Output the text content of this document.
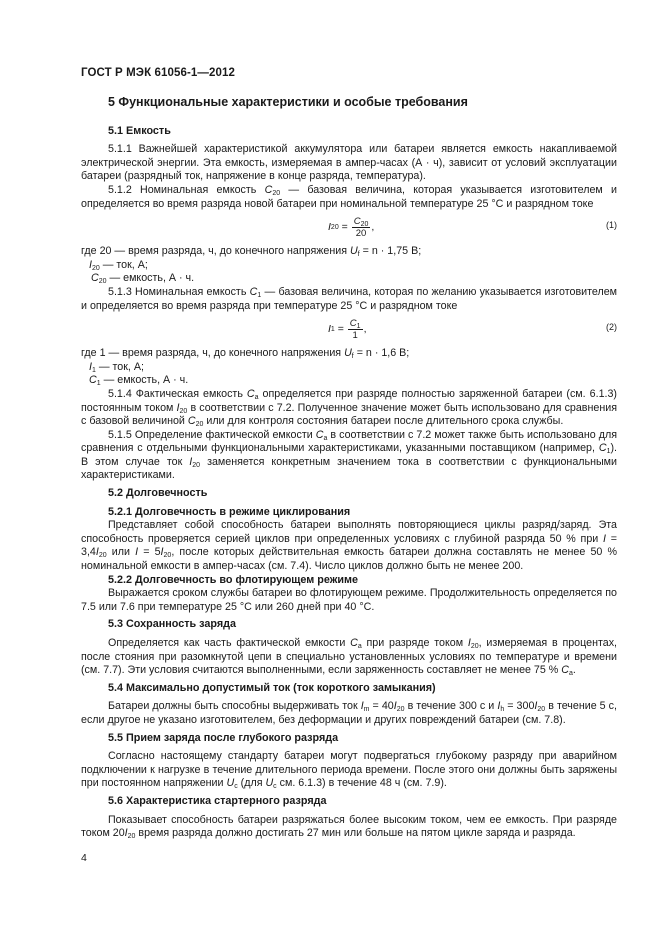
ГОСТ Р МЭК 61056-1—2012
5 Функциональные характеристики и особые требования
5.1 Емкость

5.1.1 Важнейшей характеристикой аккумулятора или батареи является емкость накапливаемой электрической энергии. Эта емкость, измеряемая в ампер-часах (А · ч), зависит от условий эксплуатации батареи (разрядный ток, напряжение в конце разряда, температура).

5.1.2 Номинальная емкость $C_{20}$ — базовая величина, которая указывается изготовителем и определяется во время разряда новой батареи при номинальной температуре 25 °С и разрядном токе

I $20 = \frac{C_{20}}{20}$ ,	(1)

где 20 — время разряда, ч, до конечного напряжения $U_f = n \cdot 1,75$ В;

$I_{20}$ — ток, А;

$C_{20}$ — емкость, А · ч.

5.1.3 Номинальная емкость $C_1$ — базовая величина, которая по желанию указывается изготовителем и определяется во время разряда при температуре 25 °С и разрядном токе

I $1 = \frac{C_1}{1}$ ,	(2)

где 1 — время разряда, ч, до конечного напряжения $U_f = n \cdot 1,6$ В;

$I_1$ — ток, А;

$C_1$ — емкость, А · ч.

5.1.4 Фактическая емкость $C_a$ определяется при разряде полностью заряженной батареи (см. 6.1.3) постоянным током $I_{20}$ в соответствии с 7.2. Полученное значение может быть использовано для сравнения с базовой величиной $C_{20}$ или для контроля состояния батареи после длительного срока службы.

5.1.5 Определение фактической емкости $C_a$ в соответствии с 7.2 может также быть использовано для сравнения с отдельными функциональными характеристиками, указанными поставщиком (например, $C_1$). В этом случае ток $I_{20}$ заменяется конкретным значением тока в соответствии с функциональными характеристиками.

5.2 Долговечность
5.2.1 Долговечность в режиме циклирования

Представляет собой способность батареи выполнять повторяющиеся циклы разряд/заряд. Эта способность проверяется серией циклов при определенных условиях с глубиной разряда 50 % при $I = 3,4I_{20}$ или $I = 5I_{20}$, после которых действительная емкость батареи должна составлять не менее 50 % номинальной емкости в ампер-часах (см. 7.4). Число циклов должно быть не менее 200.

5.2.2 Долговечность во флотирующем режиме

Выражается сроком службы батареи во флотирующем режиме. Продолжительность определяется по 7.5 или 7.6 при температуре 25 °С или 260 дней при 40 °С.

5.3 Сохранность заряда

Определяется как часть фактической емкости $C_a$ при разряде током $I_{20}$, измеряемая в процентах, после стояния при разомкнутой цепи в специально установленных условиях по температуре и времени (см. 7.7). Эти условия считаются выполненными, если заряженность составляет не менее 75 % $C_a$.

5.4 Максимально допустимый ток (ток короткого замыкания)

Батареи должны быть способны выдерживать ток $I_m = 40I_{20}$ в течение 300 с и $I_h = 300I_{20}$ в течение 5 с, если другое не указано изготовителем, без деформации и других повреждений батареи (см. 7.8).

5.5 Прием заряда после глубокого разряда

Согласно настоящему стандарту батареи могут подвергаться глубокому разряду при аварийном подключении к нагрузке в течение длительного периода времени. После этого они должны быть заряжены при постоянном напряжении $U_c$ (для $U_c$ см. 6.1.3) в течение 48 ч (см. 7.9).

5.6 Характеристика стартерного разряда

Показывает способность батареи разряжаться более высоким током, чем ее емкость. При разряде током $20I_{20}$ время разряда должно достигать 27 мин или больше на пятом цикле заряда и разряда.

4
